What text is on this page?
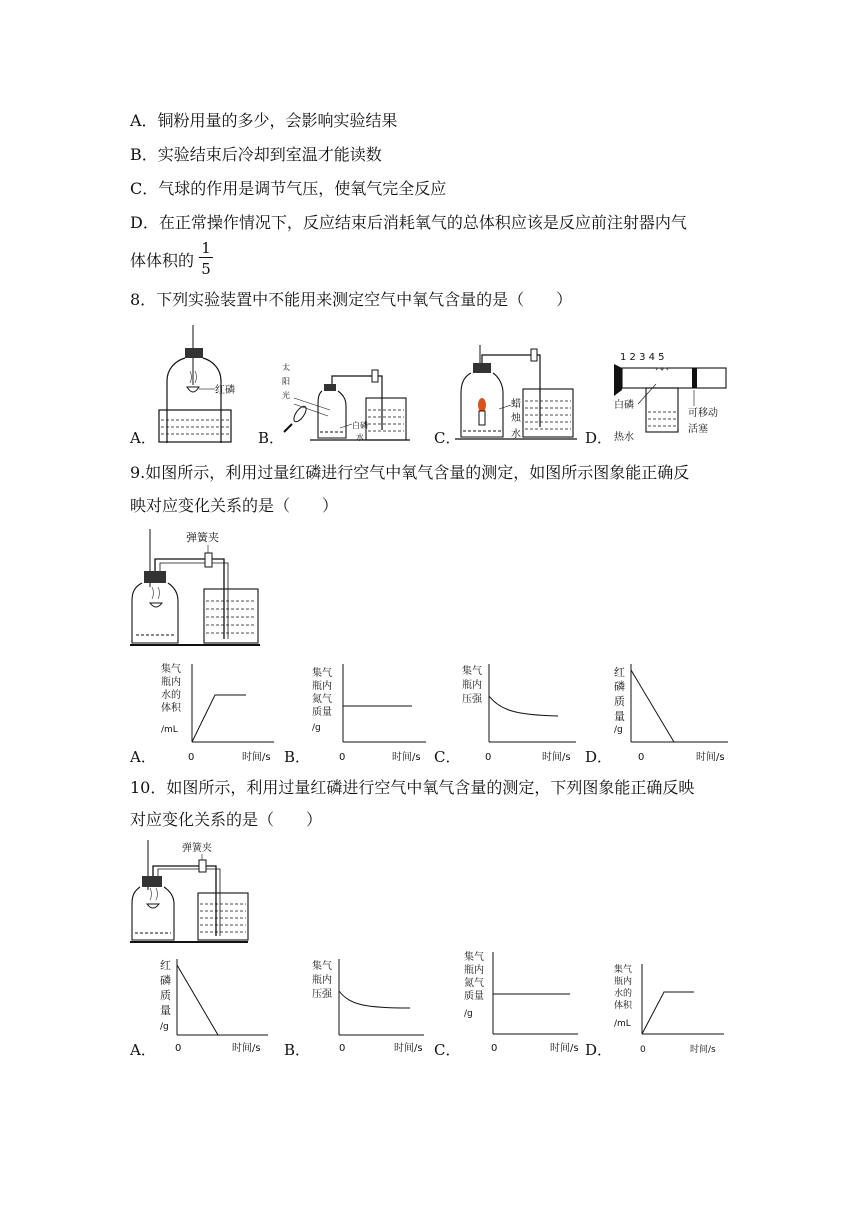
A．铜粉用量的多少，会影响实验结果
B．实验结束后冷却到室温才能读数
C．气球的作用是调节气压，使氧气完全反应
D．在正常操作情况下，反应结束后消耗氧气的总体积应该是反应前注射器内气
体体积的
1
5
8．下列实验装置中不能用来测定空气中氧气含量的是（　　）
A．	B．	C．	D．
红磷
太
阳
光
白磷
水
蜡
烛
水
1 2 3 4 5
白磷
热水
可移动
活塞
9.如图所示，利用过量红磷进行空气中氧气含量的测定，如图所示图象能正确反
映对应变化关系的是（　　）
弹簧夹
A．	B．	C．	D．
集气
瓶内
水的
体积
/mL
0	时间/s
集气
瓶内
氮气
质量
/g
0	时间/s
集气
瓶内
压强
0	时间/s
红
磷
质
量
/g
0	时间/s
10．如图所示，利用过量红磷进行空气中氧气含量的测定，下列图象能正确反映
对应变化关系的是（　　）
弹簧夹
A．	B．	C．	D．
红
磷
质
量
/g
0	时间/s
集气
瓶内
压强
0	时间/s
集气
瓶内
氮气
质量
/g
0	时间/s
集气
瓶内
水的
体积
/mL
0	时间/s
